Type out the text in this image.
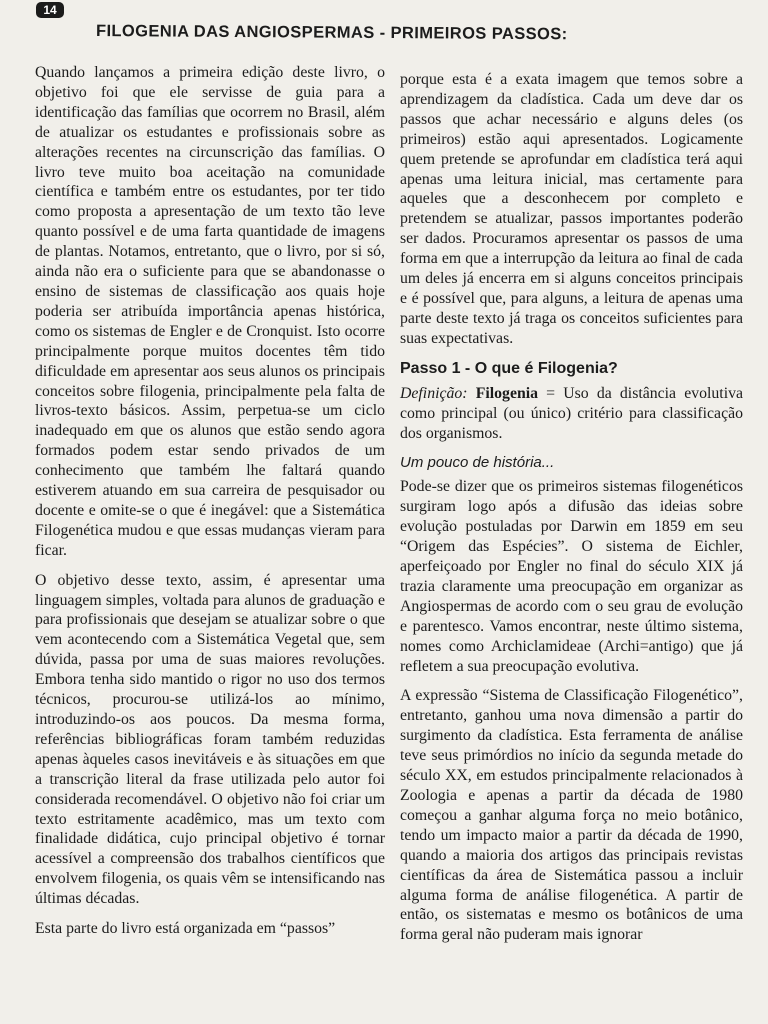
14
FILOGENIA DAS ANGIOSPERMAS - PRIMEIROS PASSOS:

Quando lançamos a primeira edição deste livro, o objetivo foi que ele servisse de guia para a identificação das famílias que ocorrem no Brasil, além de atualizar os estudantes e profissionais sobre as alterações recentes na circunscrição das famílias. O livro teve muito boa aceitação na comunidade científica e também entre os estudantes, por ter tido como proposta a apresentação de um texto tão leve quanto possível e de uma farta quantidade de imagens de plantas. Notamos, entretanto, que o livro, por si só, ainda não era o suficiente para que se abandonasse o ensino de sistemas de classificação aos quais hoje poderia ser atribuída importância apenas histórica, como os sistemas de Engler e de Cronquist. Isto ocorre principalmente porque muitos docentes têm tido dificuldade em apresentar aos seus alunos os principais conceitos sobre filogenia, principalmente pela falta de livros-texto básicos. Assim, perpetua-se um ciclo inadequado em que os alunos que estão sendo agora formados podem estar sendo privados de um conhecimento que também lhe faltará quando estiverem atuando em sua carreira de pesquisador ou docente e omite-se o que é inegável: que a Sistemática Filogenética mudou e que essas mudanças vieram para ficar.

O objetivo desse texto, assim, é apresentar uma linguagem simples, voltada para alunos de graduação e para profissionais que desejam se atualizar sobre o que vem acontecendo com a Sistemática Vegetal que, sem dúvida, passa por uma de suas maiores revoluções. Embora tenha sido mantido o rigor no uso dos termos técnicos, procurou-se utilizá-los ao mínimo, introduzindo-os aos poucos. Da mesma forma, referências bibliográficas foram também reduzidas apenas àqueles casos inevitáveis e às situações em que a transcrição literal da frase utilizada pelo autor foi considerada recomendável. O objetivo não foi criar um texto estritamente acadêmico, mas um texto com finalidade didática, cujo principal objetivo é tornar acessível a compreensão dos trabalhos científicos que envolvem filogenia, os quais vêm se intensificando nas últimas décadas.

Esta parte do livro está organizada em “passos”

porque esta é a exata imagem que temos sobre a aprendizagem da cladística. Cada um deve dar os passos que achar necessário e alguns deles (os primeiros) estão aqui apresentados. Logicamente quem pretende se aprofundar em cladística terá aqui apenas uma leitura inicial, mas certamente para aqueles que a desconhecem por completo e pretendem se atualizar, passos importantes poderão ser dados. Procuramos apresentar os passos de uma forma em que a interrupção da leitura ao final de cada um deles já encerra em si alguns conceitos principais e é possível que, para alguns, a leitura de apenas uma parte deste texto já traga os conceitos suficientes para suas expectativas.

Passo 1 - O que é Filogenia?

Definição: Filogenia = Uso da distância evolutiva como principal (ou único) critério para classificação dos organismos.

Um pouco de história...

Pode-se dizer que os primeiros sistemas filogenéticos surgiram logo após a difusão das ideias sobre evolução postuladas por Darwin em 1859 em seu “Origem das Espécies”. O sistema de Eichler, aperfeiçoado por Engler no final do século XIX já trazia claramente uma preocupação em organizar as Angiospermas de acordo com o seu grau de evolução e parentesco. Vamos encontrar, neste último sistema, nomes como Archiclamideae (Archi=antigo) que já refletem a sua preocupação evolutiva.

A expressão “Sistema de Classificação Filogenético”, entretanto, ganhou uma nova dimensão a partir do surgimento da cladística. Esta ferramenta de análise teve seus primórdios no início da segunda metade do século XX, em estudos principalmente relacionados à Zoologia e apenas a partir da década de 1980 começou a ganhar alguma força no meio botânico, tendo um impacto maior a partir da década de 1990, quando a maioria dos artigos das principais revistas científicas da área de Sistemática passou a incluir alguma forma de análise filogenética. A partir de então, os sistematas e mesmo os botânicos de uma forma geral não puderam mais ignorar
